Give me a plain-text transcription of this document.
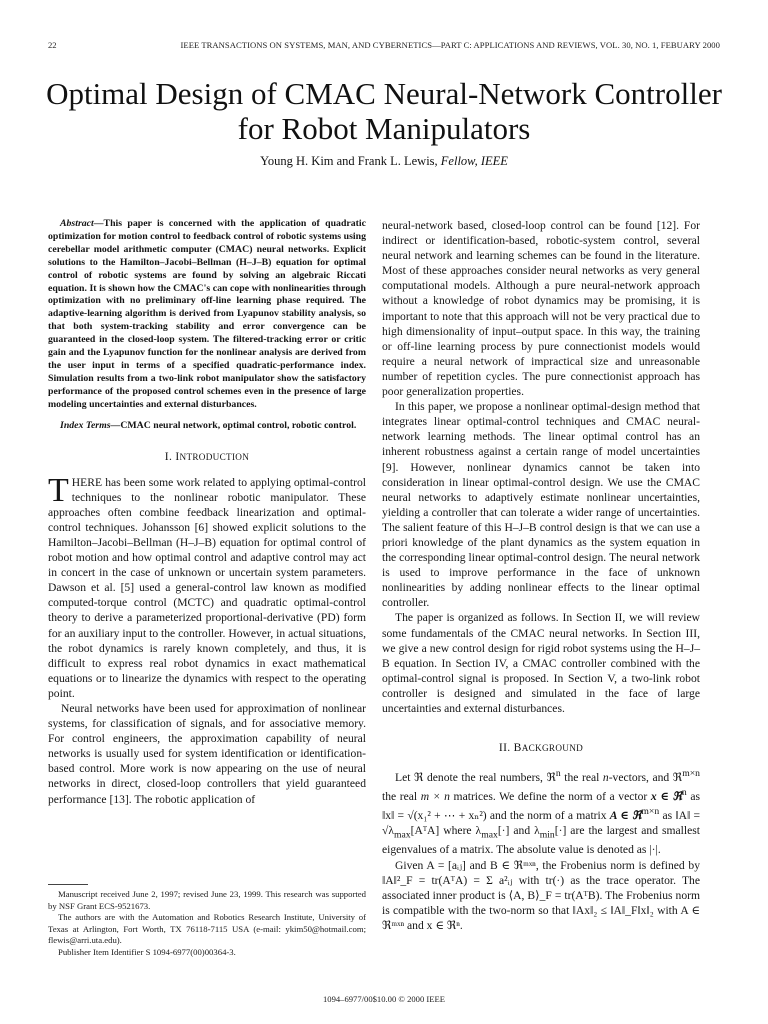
22	IEEE TRANSACTIONS ON SYSTEMS, MAN, AND CYBERNETICS—PART C: APPLICATIONS AND REVIEWS, VOL. 30, NO. 1, FEBUARY 2000
Optimal Design of CMAC Neural-Network Controller
for Robot Manipulators
Young H. Kim and Frank L. Lewis, Fellow, IEEE

Abstract—This paper is concerned with the application of quadratic optimization for motion control to feedback control of robotic systems using cerebellar model arithmetic computer (CMAC) neural networks. Explicit solutions to the Hamilton–Jacobi–Bellman (H–J–B) equation for optimal control of robotic systems are found by solving an algebraic Riccati equation. It is shown how the CMAC's can cope with nonlinearities through optimization with no preliminary off-line learning phase required. The adaptive-learning algorithm is derived from Lyapunov stability analysis, so that both system-tracking stability and error convergence can be guaranteed in the closed-loop system. The filtered-tracking error or critic gain and the Lyapunov function for the nonlinear analysis are derived from the user input in terms of a specified quadratic-performance index. Simulation results from a two-link robot manipulator show the satisfactory performance of the proposed control schemes even in the presence of large modeling uncertainties and external disturbances.

Index Terms—CMAC neural network, optimal control, robotic control.

I. INTRODUCTION

THERE has been some work related to applying optimal-control techniques to the nonlinear robotic manipulator. These approaches often combine feedback linearization and optimal-control techniques. Johansson [6] showed explicit solutions to the Hamilton–Jacobi–Bellman (H–J–B) equation for optimal control of robot motion and how optimal control and adaptive control may act in concert in the case of unknown or uncertain system parameters. Dawson et al. [5] used a general-control law known as modified computed-torque control (MCTC) and quadratic optimal-control theory to derive a parameterized proportional-derivative (PD) form for an auxiliary input to the controller. However, in actual situations, the robot dynamics is rarely known completely, and thus, it is difficult to express real robot dynamics in exact mathematical equations or to linearize the dynamics with respect to the operating point.

Neural networks have been used for approximation of nonlinear systems, for classification of signals, and for associative memory. For control engineers, the approximation capability of neural networks is usually used for system identification or identification-based control. More work is now appearing on the use of neural networks in direct, closed-loop controllers that yield guaranteed performance [13]. The robotic application of

Manuscript received June 2, 1997; revised June 23, 1999. This research was supported by NSF Grant ECS-9521673.

The authors are with the Automation and Robotics Research Institute, University of Texas at Arlington, Fort Worth, TX 76118-7115 USA (e-mail: ykim50@hotmail.com; flewis@arri.uta.edu).

Publisher Item Identifier S 1094-6977(00)00364-3.

neural-network based, closed-loop control can be found [12]. For indirect or identification-based, robotic-system control, several neural network and learning schemes can be found in the literature. Most of these approaches consider neural networks as very general computational models. Although a pure neural-network approach without a knowledge of robot dynamics may be promising, it is important to note that this approach will not be very practical due to high dimensionality of input–output space. In this way, the training or off-line learning process by pure connectionist models would require a neural network of impractical size and unreasonable number of repetition cycles. The pure connectionist approach has poor generalization properties.

In this paper, we propose a nonlinear optimal-design method that integrates linear optimal-control techniques and CMAC neural-network learning methods. The linear optimal control has an inherent robustness against a certain range of model uncertainties [9]. However, nonlinear dynamics cannot be taken into consideration in linear optimal-control design. We use the CMAC neural networks to adaptively estimate nonlinear uncertainties, yielding a controller that can tolerate a wider range of uncertainties. The salient feature of this H–J–B control design is that we can use a priori knowledge of the plant dynamics as the system equation in the corresponding linear optimal-control design. The neural network is used to improve performance in the face of unknown nonlinearities by adding nonlinear effects to the linear optimal controller.

The paper is organized as follows. In Section II, we will review some fundamentals of the CMAC neural networks. In Section III, we give a new control design for rigid robot systems using the H–J–B equation. In Section IV, a CMAC controller combined with the optimal-control signal is proposed. In Section V, a two-link robot controller is designed and simulated in the face of large uncertainties and external disturbances.

II. BACKGROUND

Let ℜ denote the real numbers, ℜ$^n$ the real n-vectors, and ℜ$^{m\times n}$ the real m × n matrices. We define the norm of a vector x ∈ ℜ$^n$ as ‖x‖ = √(x₁² + ⋯ + xₙ²) and the norm of a matrix A ∈ ℜ$^{m\times n}$ as ‖A‖ = $√\lambda_{max}[AᵀA]$ where $\lambda_{max}[\cdot]$ and $\lambda_{min}[\cdot]$ are the largest and smallest eigenvalues of a matrix. The absolute value is denoted as |·|.

Given A = [aᵢⱼ] and B ∈ ℜᵐˣⁿ, the Frobenius norm is defined by ‖A‖²_F = tr(AᵀA) = Σ a²ᵢⱼ with tr(·) as the trace operator. The associated inner product is ⟨A, B⟩_F = tr(AᵀB). The Frobenius norm is compatible with the two-norm so that ‖Ax‖₂ ≤ ‖A‖_F‖x‖₂ with A ∈ ℜᵐˣⁿ and x ∈ ℜⁿ.

1094–6977/00$10.00 © 2000 IEEE
